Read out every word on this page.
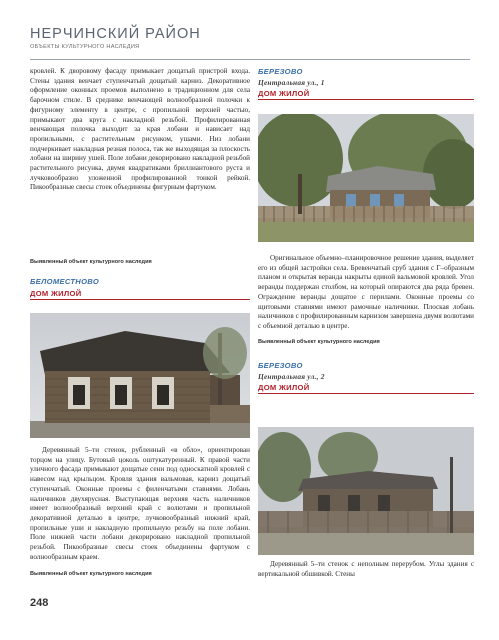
НЕРЧИНСКИЙ РАЙОН
ОБЪЕКТЫ КУЛЬТУРНОГО НАСЛЕДИЯ

кровлей. К дворовому фасаду примыкает дощатый пристрой входа. Стены здания венчает ступенчатый дощатый карниз. Декоративное оформление оконных проемов выполнено в традиционном для села барочном стиле. В среднике венчающей волнообразной полочки к фигурному элементу в центре, с пропильной верхней частью, примыкают два круга с накладной резьбой. Профилированная венчающая полочка выходит за края лобани и нависает над пропильными, с растительным рисунком, ушами. Низ лобани подчеркивает накладная резная полоса, так же выходящая за плоскость лобани на ширину ушей. Поле лобани декорировано накладной резьбой растительного рисунка, двумя квадратиками бриллиантового руста и лучковообразно уложенной профилированной тонкой рейкой. Пикообразные свесы стоек объединены фигурным фартуком.

Выявленный объект культурного наследия
БЕЛОМЕСТНОВО
ДОМ ЖИЛОЙ

Деревянный 5–ти стенок, рубленный «в обло», ориентирован торцом на улицу. Бутовый цоколь оштукатуренный. К правой части уличного фасада примыкают дощатые сени под односкатной кровлей с навесом над крыльцом. Кровля здания вальмовая, карниз дощатый ступенчатый. Оконные проемы с филенчатыми ставнями. Лобань наличников двухярусная. Выступающая верхняя часть наличников имеет волнообразный верхний край с волютами и пропильной декоративной деталью в центре, лучковообразный нижний край, пропильные уши и накладную пропильную резьбу на поле лобани. Поле нижней части лобани декорировано накладной пропильной резьбой. Пикообразные свесы стоек объединены фартуком с волнообразным краем.

Выявленный объект культурного наследия
БЕРЕЗОВО
Центральная ул., 1
ДОМ ЖИЛОЙ

Оригинальное объемно–планировочное решение здания, выделяет его из общей застройки села. Бревенчатый сруб здания с Г–образным планом и открытая веранда накрыты единой вальмовой кровлей. Угол веранды поддержан столбом, на который опираются два ряда бревен. Ограждение веранды дощатое с перилами. Оконные проемы со щитовыми ставнями имеют рамочные наличники. Плоская лобань наличников с профилированным карнизом завершена двумя волютами с объемной деталью в центре.

Выявленный объект культурного наследия
БЕРЕЗОВО
Центральная ул., 2
ДОМ ЖИЛОЙ

Деревянный 5–ти стенок с неполным перерубом. Углы здания с вертикальной обшивкой. Стены

248
